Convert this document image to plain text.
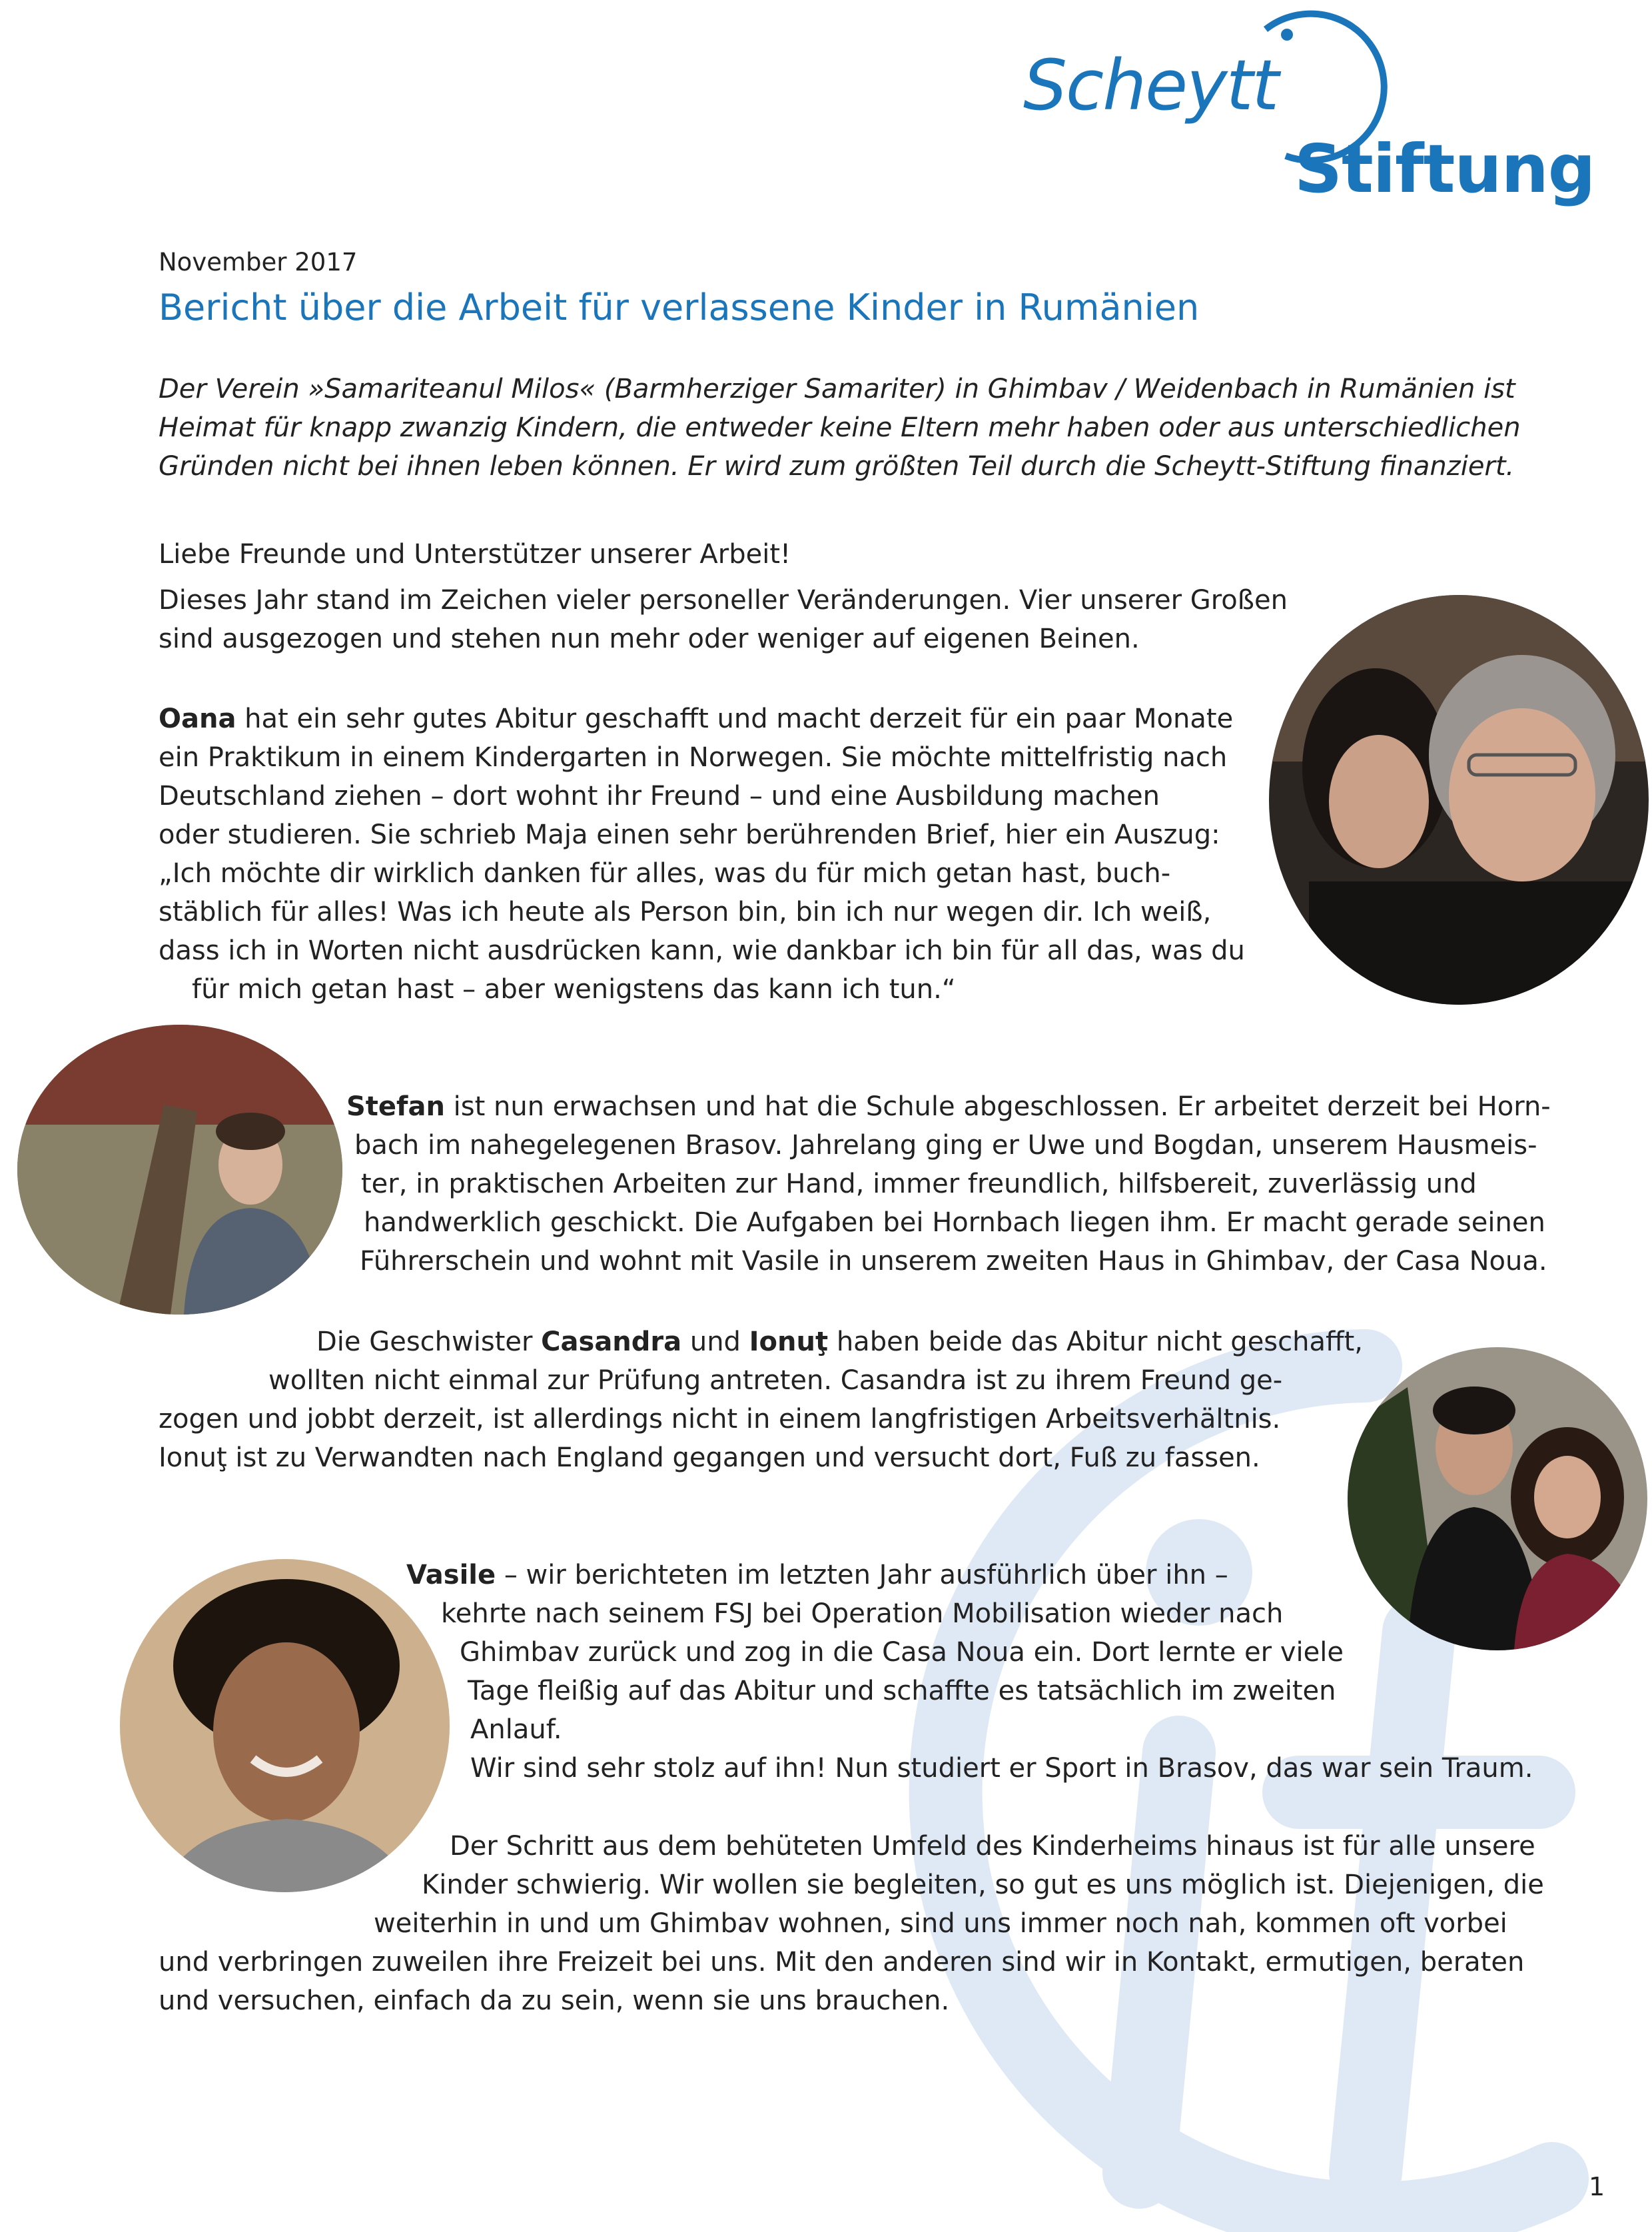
Scheytt
Stiftung
November 2017
Bericht über die Arbeit für verlassene Kinder in Rumänien
Der Verein »Samariteanul Milos« (Barmherziger Samariter) in Ghimbav / Weidenbach in Rumänien ist
Heimat für knapp zwanzig Kindern, die entweder keine Eltern mehr haben oder aus unterschiedlichen
Gründen nicht bei ihnen leben können. Er wird zum größten Teil durch die Scheytt-Stiftung finanziert.
Liebe Freunde und Unterstützer unserer Arbeit!
Dieses Jahr stand im Zeichen vieler personeller Veränderungen. Vier unserer Großen
sind ausgezogen und stehen nun mehr oder weniger auf eigenen Beinen.
Oana hat ein sehr gutes Abitur geschafft und macht derzeit für ein paar Monate
ein Praktikum in einem Kindergarten in Norwegen. Sie möchte mittelfristig nach
Deutschland ziehen – dort wohnt ihr Freund – und eine Ausbildung machen
oder studieren. Sie schrieb Maja einen sehr berührenden Brief, hier ein Auszug:
„Ich möchte dir wirklich danken für alles, was du für mich getan hast, buch-
stäblich für alles! Was ich heute als Person bin, bin ich nur wegen dir. Ich weiß,
dass ich in Worten nicht ausdrücken kann, wie dankbar ich bin für all das, was du
für mich getan hast – aber wenigstens das kann ich tun.“
Stefan ist nun erwachsen und hat die Schule abgeschlossen. Er arbeitet derzeit bei Horn-
bach im nahegelegenen Brasov. Jahrelang ging er Uwe und Bogdan, unserem Hausmeis-
ter, in praktischen Arbeiten zur Hand, immer freundlich, hilfsbereit, zuverlässig und
handwerklich geschickt. Die Aufgaben bei Hornbach liegen ihm. Er macht gerade seinen
Führerschein und wohnt mit Vasile in unserem zweiten Haus in Ghimbav, der Casa Noua.
Die Geschwister Casandra und Ionuţ haben beide das Abitur nicht geschafft,
wollten nicht einmal zur Prüfung antreten. Casandra ist zu ihrem Freund ge-
zogen und jobbt derzeit, ist allerdings nicht in einem langfristigen Arbeitsverhältnis.
Ionuţ ist zu Verwandten nach England gegangen und versucht dort, Fuß zu fassen.
Vasile – wir berichteten im letzten Jahr ausführlich über ihn –
kehrte nach seinem FSJ bei Operation Mobilisation wieder nach
Ghimbav zurück und zog in die Casa Noua ein. Dort lernte er viele
Tage fleißig auf das Abitur und schaffte es tatsächlich im zweiten
Anlauf.
Wir sind sehr stolz auf ihn! Nun studiert er Sport in Brasov, das war sein Traum.
Der Schritt aus dem behüteten Umfeld des Kinderheims hinaus ist für alle unsere
Kinder schwierig. Wir wollen sie begleiten, so gut es uns möglich ist. Diejenigen, die
weiterhin in und um Ghimbav wohnen, sind uns immer noch nah, kommen oft vorbei
und verbringen zuweilen ihre Freizeit bei uns. Mit den anderen sind wir in Kontakt, ermutigen, beraten
und versuchen, einfach da zu sein, wenn sie uns brauchen.
1
